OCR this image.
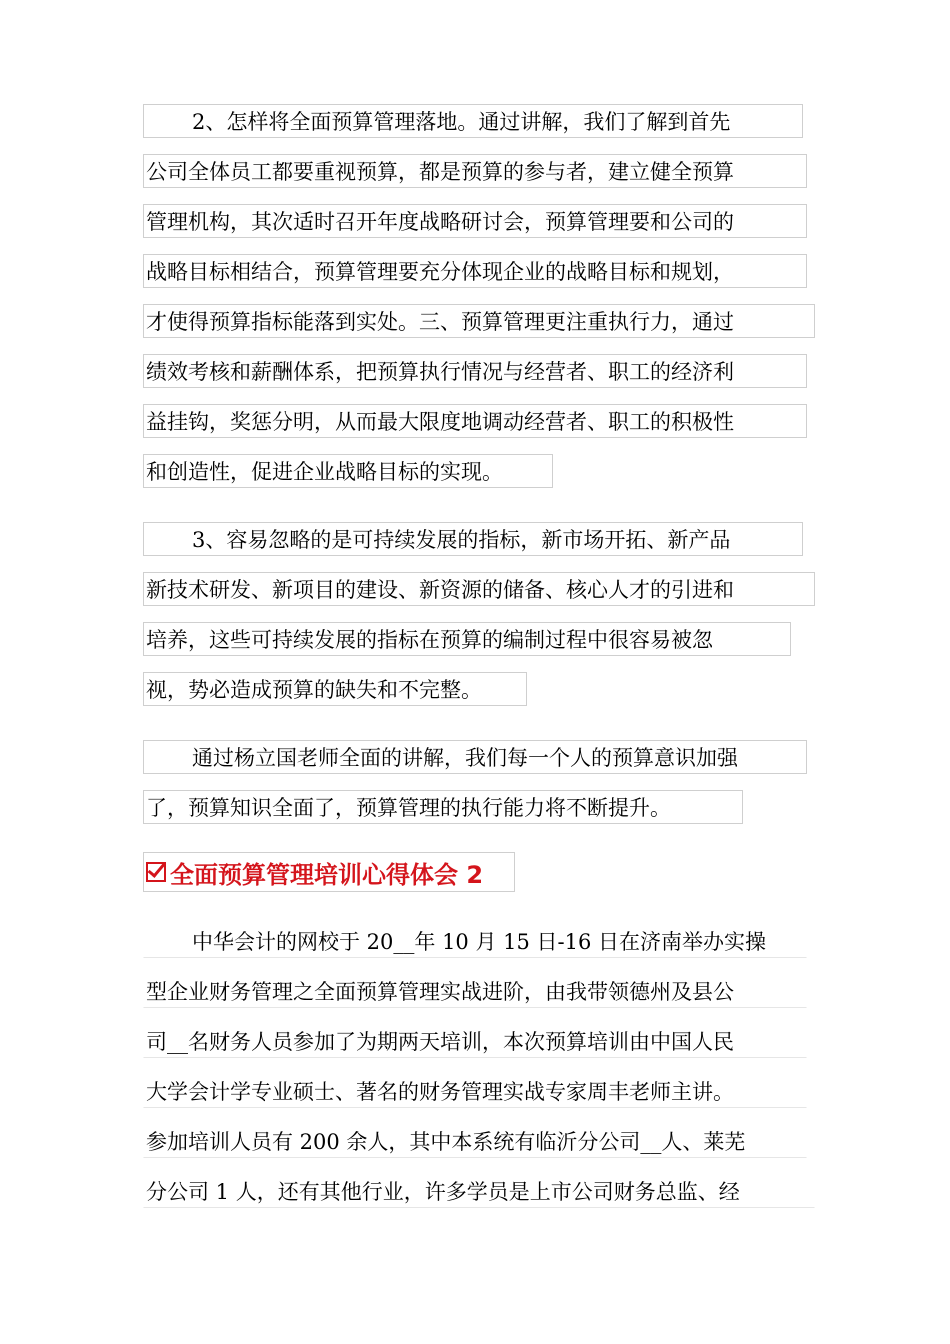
2、怎样将全面预算管理落地。通过讲解，我们了解到首先
公司全体员工都要重视预算，都是预算的参与者，建立健全预算
管理机构，其次适时召开年度战略研讨会，预算管理要和公司的
战略目标相结合，预算管理要充分体现企业的战略目标和规划，
才使得预算指标能落到实处。三、预算管理更注重执行力，通过
绩效考核和薪酬体系，把预算执行情况与经营者、职工的经济利
益挂钩，奖惩分明，从而最大限度地调动经营者、职工的积极性
和创造性，促进企业战略目标的实现。
3、容易忽略的是可持续发展的指标，新市场开拓、新产品
新技术研发、新项目的建设、新资源的储备、核心人才的引进和
培养，这些可持续发展的指标在预算的编制过程中很容易被忽
视，势必造成预算的缺失和不完整。
通过杨立国老师全面的讲解，我们每一个人的预算意识加强
了，预算知识全面了，预算管理的执行能力将不断提升。
全面预算管理培训心得体会 2
中华会计的网校于 20__年 10 月 15 日-16 日在济南举办实操
型企业财务管理之全面预算管理实战进阶，由我带领德州及县公
司__名财务人员参加了为期两天培训，本次预算培训由中国人民
大学会计学专业硕士、著名的财务管理实战专家周丰老师主讲。
参加培训人员有 200 余人，其中本系统有临沂分公司__人、莱芜
分公司 1 人，还有其他行业，许多学员是上市公司财务总监、经
